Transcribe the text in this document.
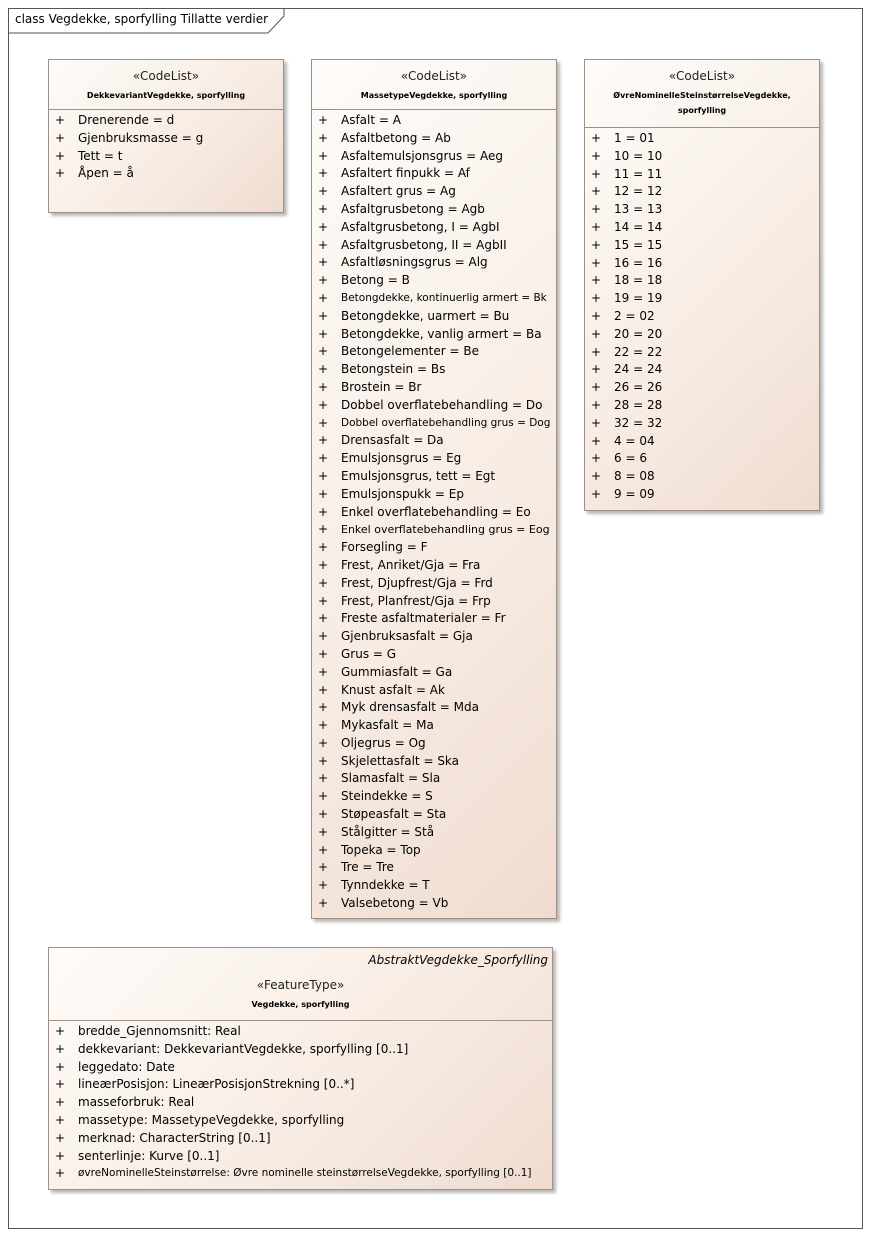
class Vegdekke, sporfylling Tillatte verdier
«CodeList»
DekkevariantVegdekke, sporfylling
+ Drenerende = d
+ Gjenbruksmasse = g
+ Tett = t
+ Åpen = å
«CodeList»
MassetypeVegdekke, sporfylling
+ Asfalt = A
+ Asfaltbetong = Ab
+ Asfaltemulsjonsgrus = Aeg
+ Asfaltert finpukk = Af
+ Asfaltert grus = Ag
+ Asfaltgrusbetong = Agb
+ Asfaltgrusbetong, I = AgbI
+ Asfaltgrusbetong, II = AgbII
+ Asfaltløsningsgrus = Alg
+ Betong = B
+ Betongdekke, kontinuerlig armert = Bk
+ Betongdekke, uarmert = Bu
+ Betongdekke, vanlig armert = Ba
+ Betongelementer = Be
+ Betongstein = Bs
+ Brostein = Br
+ Dobbel overflatebehandling = Do
+ Dobbel overflatebehandling grus = Dog
+ Drensasfalt = Da
+ Emulsjonsgrus = Eg
+ Emulsjonsgrus, tett = Egt
+ Emulsjonspukk = Ep
+ Enkel overflatebehandling = Eo
+ Enkel overflatebehandling grus = Eog
+ Forsegling = F
+ Frest, Anriket/Gja = Fra
+ Frest, Djupfrest/Gja = Frd
+ Frest, Planfrest/Gja = Frp
+ Freste asfaltmaterialer = Fr
+ Gjenbruksasfalt = Gja
+ Grus = G
+ Gummiasfalt = Ga
+ Knust asfalt = Ak
+ Myk drensasfalt = Mda
+ Mykasfalt = Ma
+ Oljegrus = Og
+ Skjelettasfalt = Ska
+ Slamasfalt = Sla
+ Steindekke = S
+ Støpeasfalt = Sta
+ Stålgitter = Stå
+ Topeka = Top
+ Tre = Tre
+ Tynndekke = T
+ Valsebetong = Vb
«CodeList»
ØvreNominelleSteinstørrelseVegdekke,
sporfylling
+ 1 = 01
+ 10 = 10
+ 11 = 11
+ 12 = 12
+ 13 = 13
+ 14 = 14
+ 15 = 15
+ 16 = 16
+ 18 = 18
+ 19 = 19
+ 2 = 02
+ 20 = 20
+ 22 = 22
+ 24 = 24
+ 26 = 26
+ 28 = 28
+ 32 = 32
+ 4 = 04
+ 6 = 6
+ 8 = 08
+ 9 = 09
AbstraktVegdekke_Sporfylling
«FeatureType»
Vegdekke, sporfylling
+ bredde_Gjennomsnitt: Real
+ dekkevariant: DekkevariantVegdekke, sporfylling [0..1]
+ leggedato: Date
+ lineærPosisjon: LineærPosisjonStrekning [0..*]
+ masseforbruk: Real
+ massetype: MassetypeVegdekke, sporfylling
+ merknad: CharacterString [0..1]
+ senterlinje: Kurve [0..1]
+ øvreNominelleSteinstørrelse: Øvre nominelle steinstørrelseVegdekke, sporfylling [0..1]
